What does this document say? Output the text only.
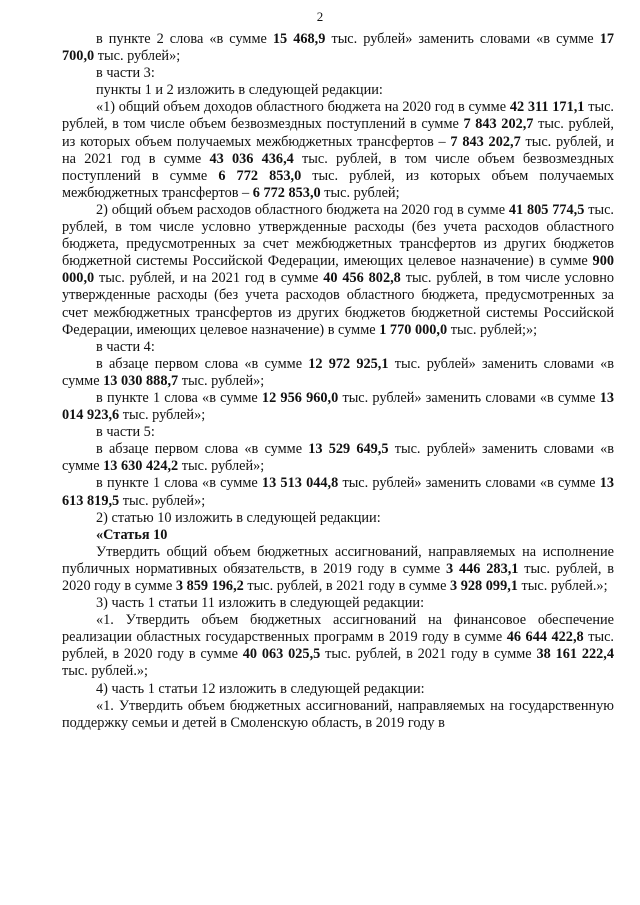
2

в пункте 2 слова «в сумме 15 468,9 тыс. рублей» заменить словами «в сумме 17 700,0 тыс. рублей»;

в части 3:

пункты 1 и 2 изложить в следующей редакции:

«1) общий объем доходов областного бюджета на 2020 год в сумме 42 311 171,1 тыс. рублей, в том числе объем безвозмездных поступлений в сумме 7 843 202,7 тыс. рублей, из которых объем получаемых межбюджетных трансфертов – 7 843 202,7 тыс. рублей, и на 2021 год в сумме 43 036 436,4 тыс. рублей, в том числе объем безвозмездных поступлений в сумме 6 772 853,0 тыс. рублей, из которых объем получаемых межбюджетных трансфертов – 6 772 853,0 тыс. рублей;

2) общий объем расходов областного бюджета на 2020 год в сумме 41 805 774,5 тыс. рублей, в том числе условно утвержденные расходы (без учета расходов областного бюджета, предусмотренных за счет межбюджетных трансфертов из других бюджетов бюджетной системы Российской Федерации, имеющих целевое назначение) в сумме 900 000,0 тыс. рублей, и на 2021 год в сумме 40 456 802,8 тыс. рублей, в том числе условно утвержденные расходы (без учета расходов областного бюджета, предусмотренных за счет межбюджетных трансфертов из других бюджетов бюджетной системы Российской Федерации, имеющих целевое назначение) в сумме 1 770 000,0 тыс. рублей;»;

в части 4:

в абзаце первом слова «в сумме 12 972 925,1 тыс. рублей» заменить словами «в сумме 13 030 888,7 тыс. рублей»;

в пункте 1 слова «в сумме 12 956 960,0 тыс. рублей» заменить словами «в сумме 13 014 923,6 тыс. рублей»;

в части 5:

в абзаце первом слова «в сумме 13 529 649,5 тыс. рублей» заменить словами «в сумме 13 630 424,2 тыс. рублей»;

в пункте 1 слова «в сумме 13 513 044,8 тыс. рублей» заменить словами «в сумме 13 613 819,5 тыс. рублей»;

2) статью 10 изложить в следующей редакции:

«Статья 10

Утвердить общий объем бюджетных ассигнований, направляемых на исполнение публичных нормативных обязательств, в 2019 году в сумме 3 446 283,1 тыс. рублей, в 2020 году в сумме 3 859 196,2 тыс. рублей, в 2021 году в сумме 3 928 099,1 тыс. рублей.»;

3) часть 1 статьи 11 изложить в следующей редакции:

«1. Утвердить объем бюджетных ассигнований на финансовое обеспечение реализации областных государственных программ в 2019 году в сумме 46 644 422,8 тыс. рублей, в 2020 году в сумме 40 063 025,5 тыс. рублей, в 2021 году в сумме 38 161 222,4 тыс. рублей.»;

4) часть 1 статьи 12 изложить в следующей редакции:

«1. Утвердить объем бюджетных ассигнований, направляемых на государственную поддержку семьи и детей в Смоленскую область, в 2019 году в
